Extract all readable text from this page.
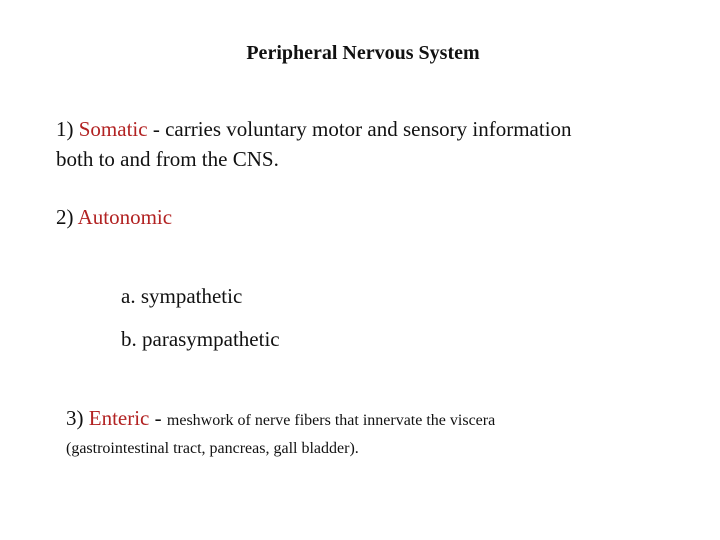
Peripheral Nervous System
1) Somatic - carries voluntary motor and sensory information
both to and from the CNS.
2) Autonomic
a. sympathetic
b. parasympathetic
3) Enteric - meshwork of nerve fibers that innervate the viscera
(gastrointestinal tract, pancreas, gall bladder).
